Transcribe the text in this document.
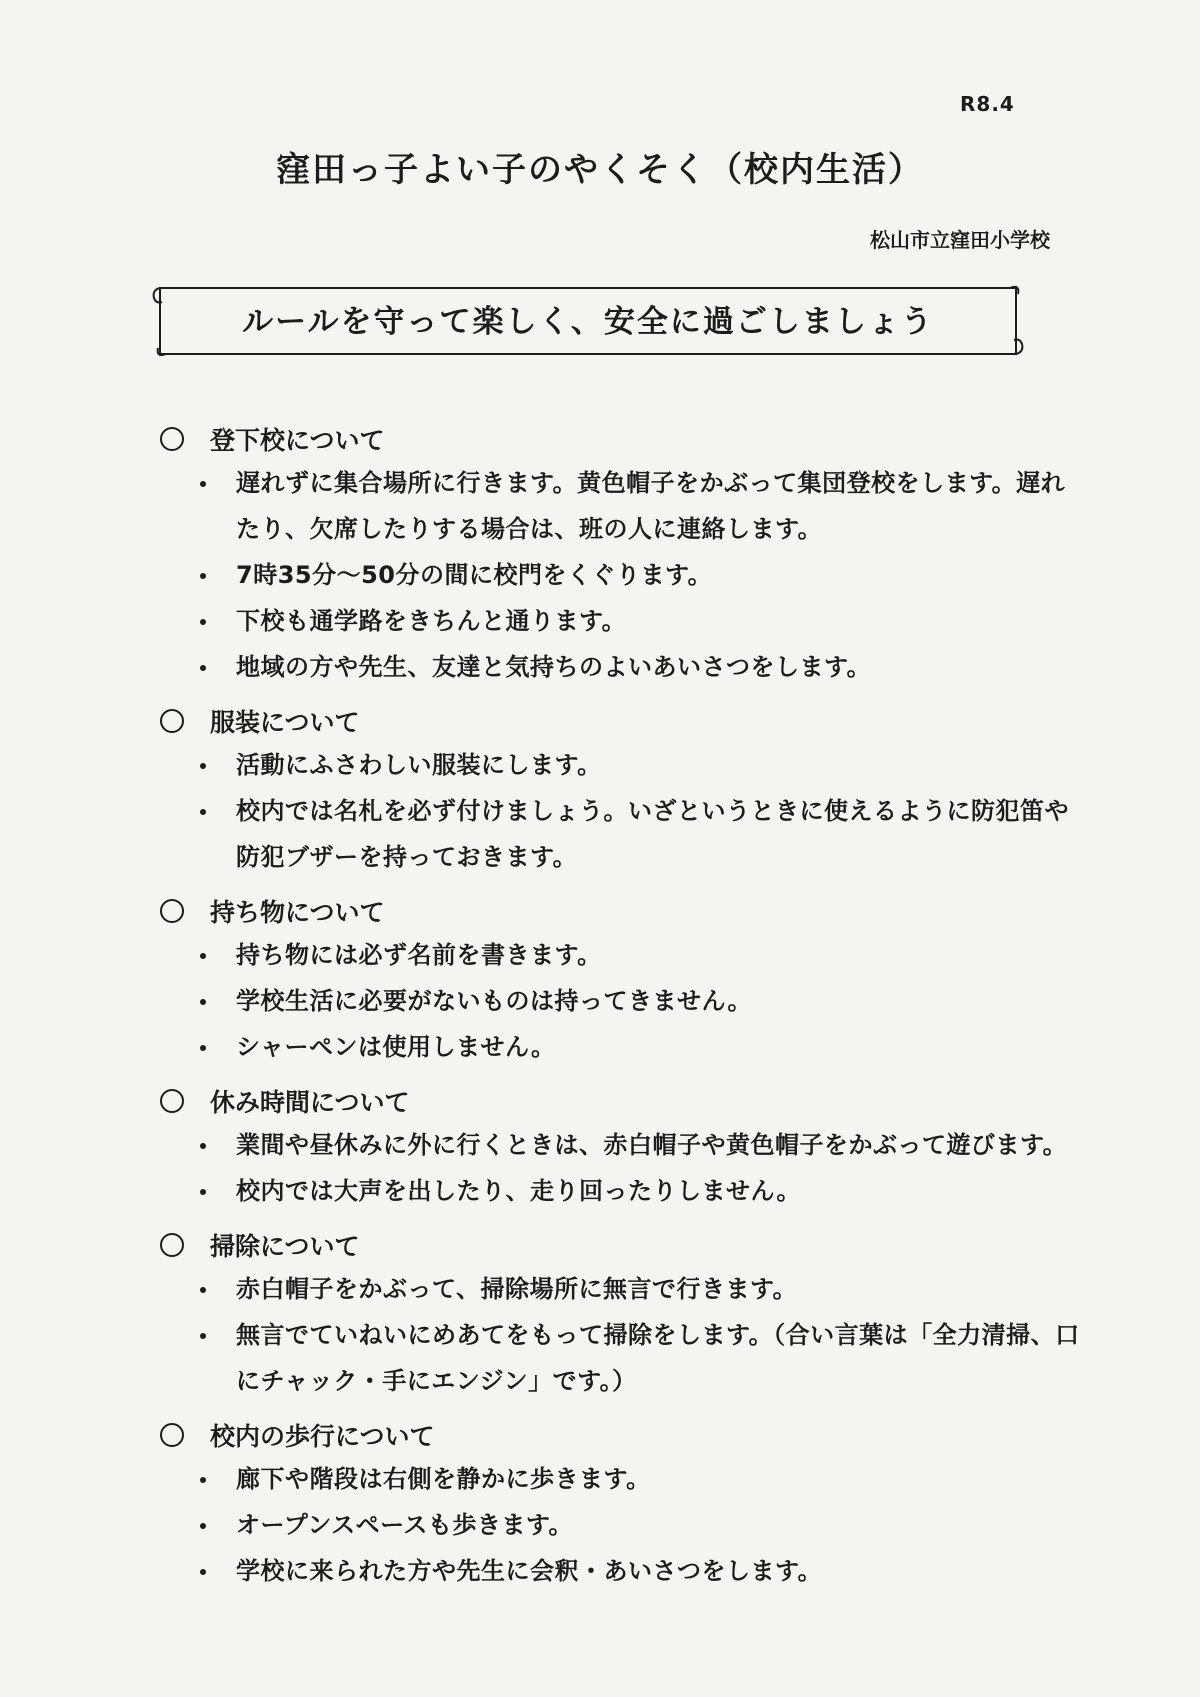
R8.4
窪田っ子よい子のやくそく（校内生活）
松山市立窪田小学校
ルールを守って楽しく、安全に過ごしましょう
登下校について
遅れずに集合場所に行きます。黄色帽子をかぶって集団登校をします。遅れたり、欠席したりする場合は、班の人に連絡します。
7時35分～50分の間に校門をくぐります。
下校も通学路をきちんと通ります。
地域の方や先生、友達と気持ちのよいあいさつをします。
服装について
活動にふさわしい服装にします。
校内では名札を必ず付けましょう。いざというときに使えるように防犯笛や防犯ブザーを持っておきます。
持ち物について
持ち物には必ず名前を書きます。
学校生活に必要がないものは持ってきません。
シャーペンは使用しません。
休み時間について
業間や昼休みに外に行くときは、赤白帽子や黄色帽子をかぶって遊びます。
校内では大声を出したり、走り回ったりしません。
掃除について
赤白帽子をかぶって、掃除場所に無言で行きます。
無言でていねいにめあてをもって掃除をします。（合い言葉は「全力清掃、口にチャック・手にエンジン」です。）
校内の歩行について
廊下や階段は右側を静かに歩きます。
オープンスペースも歩きます。
学校に来られた方や先生に会釈・あいさつをします。
